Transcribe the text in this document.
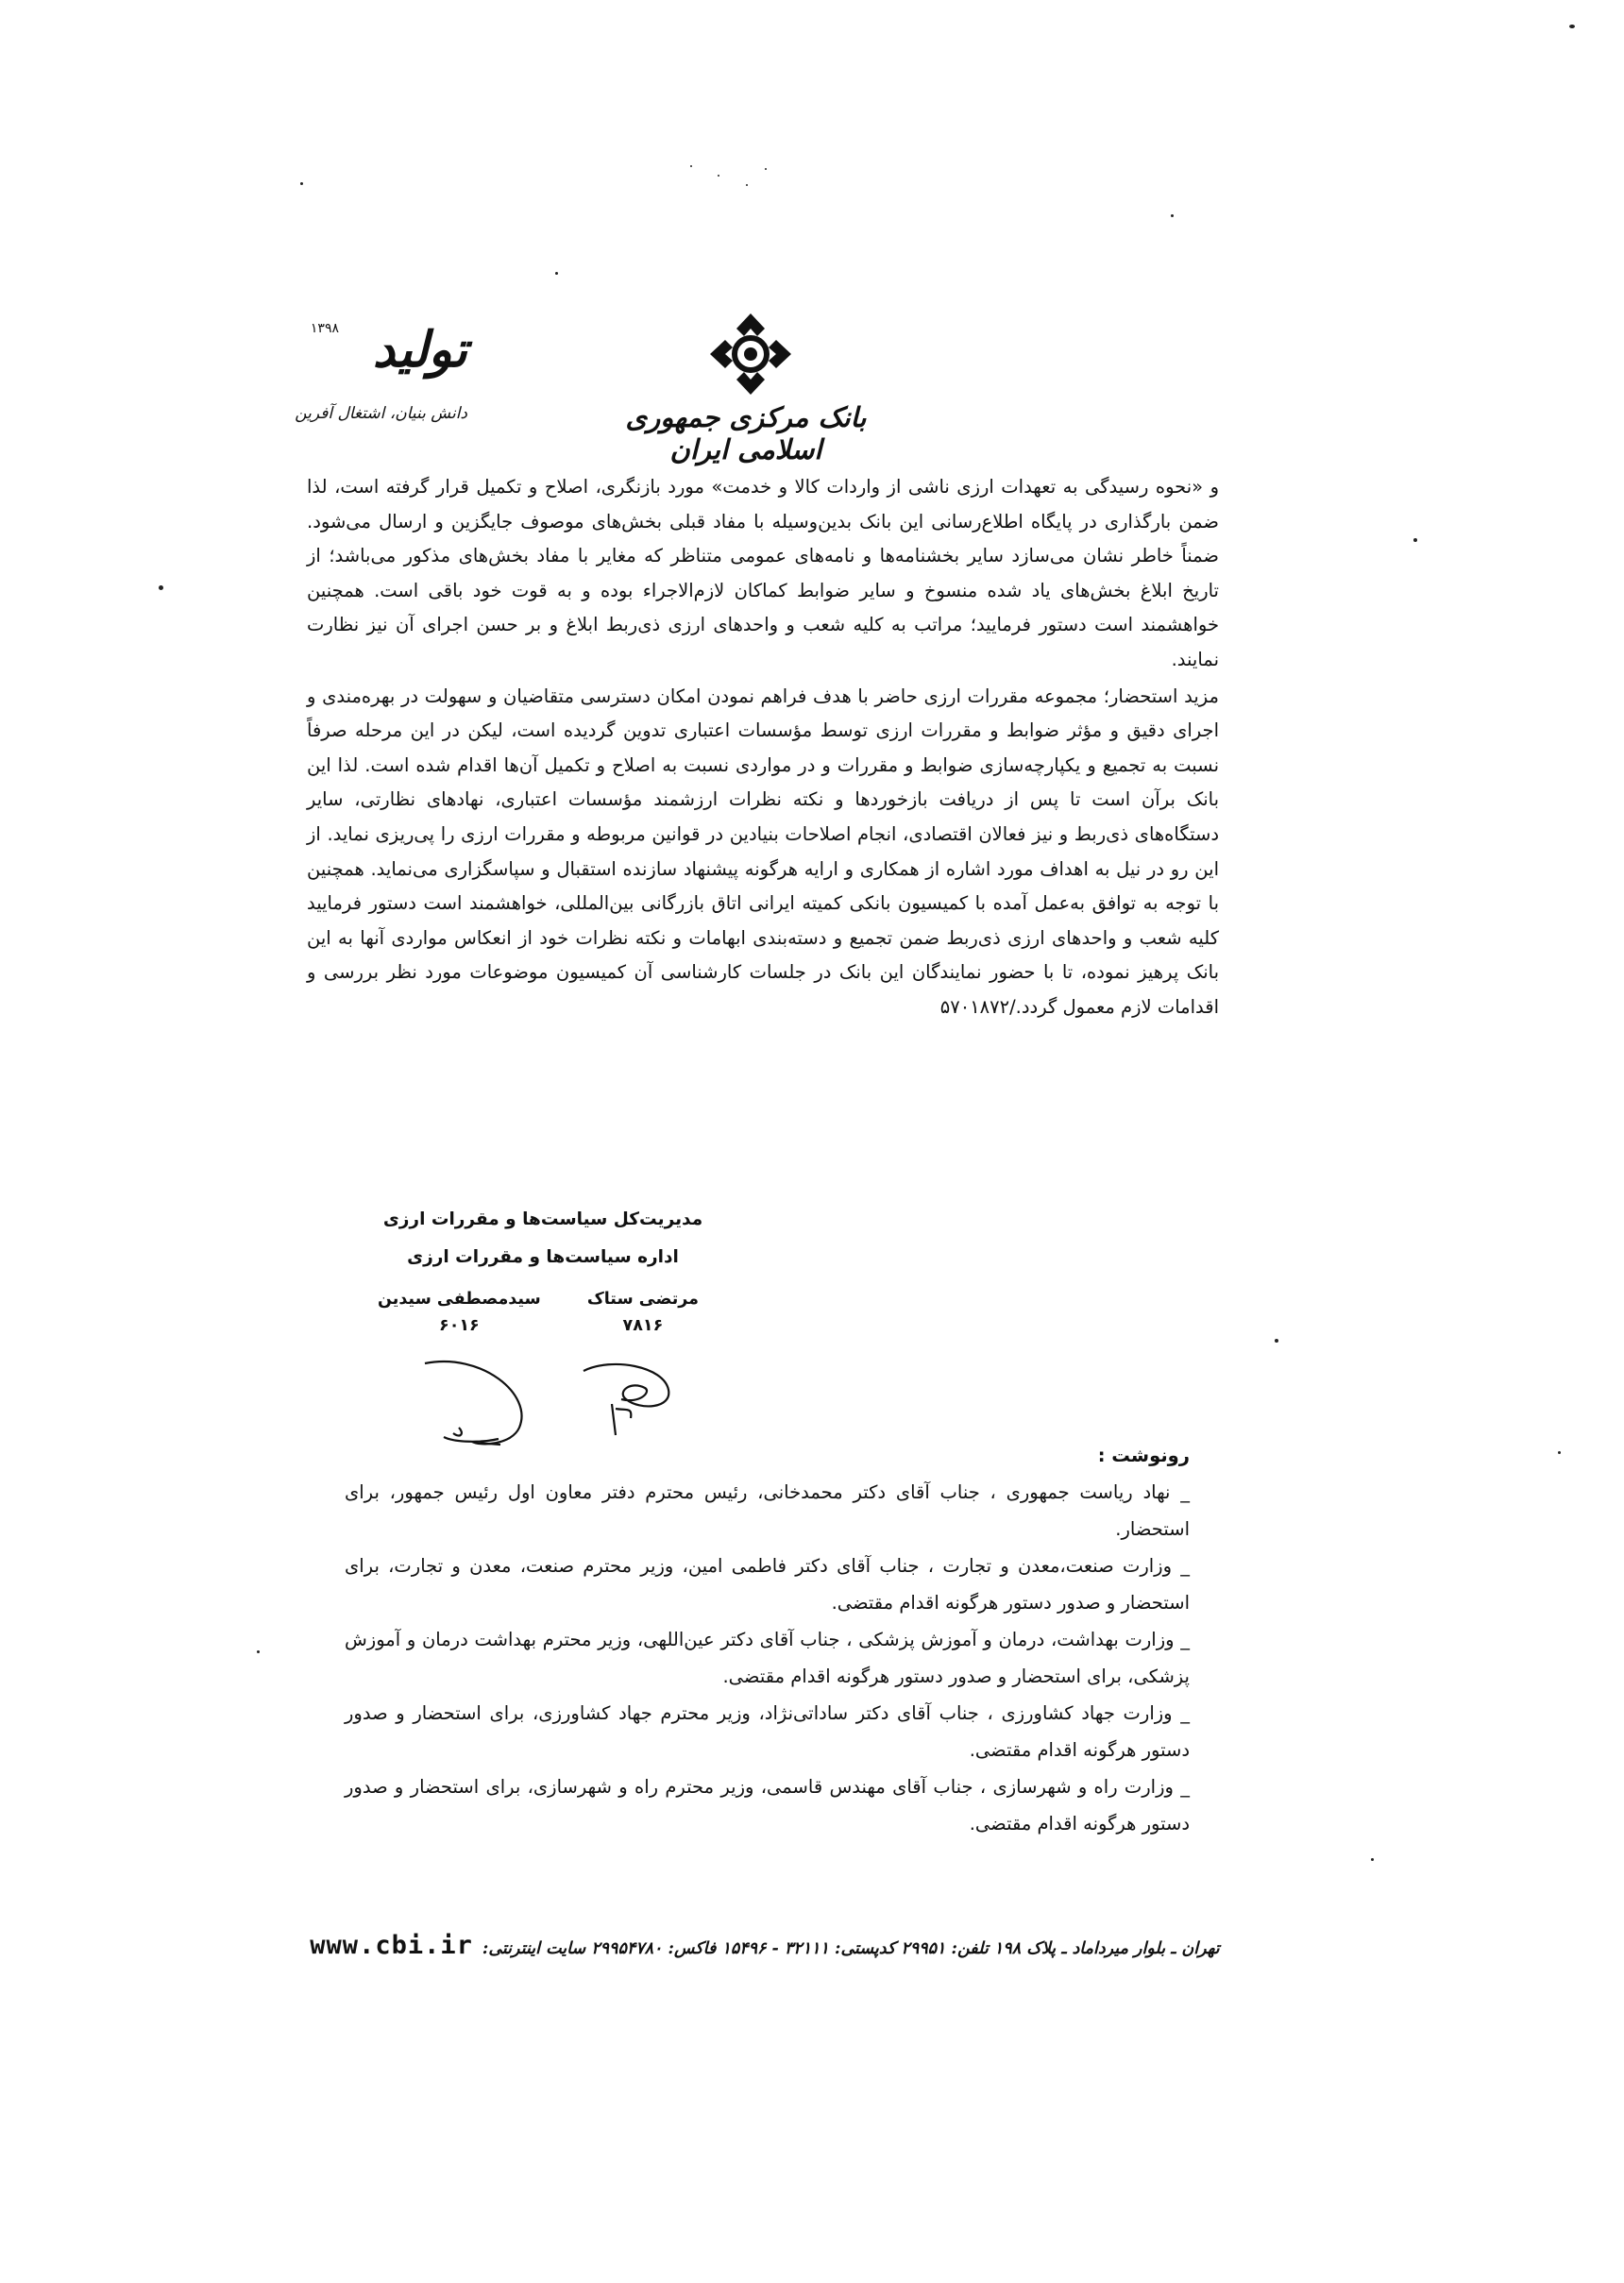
بانک مرکزی جمهوری اسلامی ایران
تولید
۱۳۹۸
دانش بنیان، اشتغال آفرین

و «نحوه رسیدگی به تعهدات ارزی ناشی از واردات کالا و خدمت» مورد بازنگری، اصلاح و تکمیل قرار گرفته است، لذا ضمن بارگذاری در پایگاه اطلاع‌رسانی این بانک بدین‌وسیله با مفاد قبلی بخش‌های موصوف جایگزین و ارسال می‌شود. ضمناً خاطر نشان می‌سازد سایر بخشنامه‌ها و نامه‌های عمومی متناظر که مغایر با مفاد بخش‌های مذکور می‌باشد؛ از تاریخ ابلاغ بخش‌های یاد شده منسوخ و سایر ضوابط کماکان لازم‌الاجراء بوده و به قوت خود باقی است. همچنین خواهشمند است دستور فرمایید؛ مراتب به کلیه شعب و واحدهای ارزی ذی‌ربط ابلاغ و بر حسن اجرای آن نیز نظارت نمایند.

مزید استحضار؛ مجموعه مقررات ارزی حاضر با هدف فراهم نمودن امکان دسترسی متقاضیان و سهولت در بهره‌مندی و اجرای دقیق و مؤثر ضوابط و مقررات ارزی توسط مؤسسات اعتباری تدوین گردیده است، لیکن در این مرحله صرفاً نسبت به تجمیع و یکپارچه‌سازی ضوابط و مقررات و در مواردی نسبت به اصلاح و تکمیل آن‌ها اقدام شده است. لذا این بانک برآن است تا پس از دریافت بازخوردها و نکته نظرات ارزشمند مؤسسات اعتباری، نهادهای نظارتی، سایر دستگاه‌های ذی‌ربط و نیز فعالان اقتصادی، انجام اصلاحات بنیادین در قوانین مربوطه و مقررات ارزی را پی‌ریزی نماید. از این رو در نیل به اهداف مورد اشاره از همکاری و ارایه هرگونه پیشنهاد سازنده استقبال و سپاسگزاری می‌نماید. همچنین با توجه به توافق به‌عمل آمده با کمیسیون بانکی کمیته ایرانی اتاق بازرگانی بین‌المللی، خواهشمند است دستور فرمایید کلیه شعب و واحدهای ارزی ذی‌ربط ضمن تجمیع و دسته‌بندی ابهامات و نکته نظرات خود از انعکاس مواردی آنها به این بانک پرهیز نموده، تا با حضور نمایندگان این بانک در جلسات کارشناسی آن کمیسیون موضوعات مورد نظر بررسی و اقدامات لازم معمول گردد./۵۷۰۱۸۷۲

مدیریت‌کل سیاست‌ها و مقررات ارزی
اداره سیاست‌ها و مقررات ارزی
مرتضی ستاک
۷۸۱۶
سیدمصطفی سیدین
۶۰۱۶
رونوشت :

_ نهاد ریاست جمهوری ، جناب آقای دکتر محمدخانی، رئیس محترم دفتر معاون اول رئیس جمهور، برای استحضار.

_ وزارت صنعت،معدن و تجارت ، جناب آقای دکتر فاطمی امین، وزیر محترم صنعت، معدن و تجارت، برای استحضار و صدور دستور هرگونه اقدام مقتضی.

_ وزارت بهداشت، درمان و آموزش پزشکی ، جناب آقای دکتر عین‌اللهی، وزیر محترم بهداشت درمان و آموزش پزشکی، برای استحضار و صدور دستور هرگونه اقدام مقتضی.

_ وزارت جهاد کشاورزی ، جناب آقای دکتر ساداتی‌نژاد، وزیر محترم جهاد کشاورزی، برای استحضار و صدور دستور هرگونه اقدام مقتضی.

_ وزارت راه و شهرسازی ، جناب آقای مهندس قاسمی، وزیر محترم راه و شهرسازی، برای استحضار و صدور دستور هرگونه اقدام مقتضی.

تهران ـ بلوار میرداماد ـ پلاک ۱۹۸ تلفن: ۲۹۹۵۱ کدپستی: ۳۲۱۱۱ - ۱۵۴۹۶ فاکس: ۲۹۹۵۴۷۸۰ سایت اینترنتی:
www.cbi.ir
